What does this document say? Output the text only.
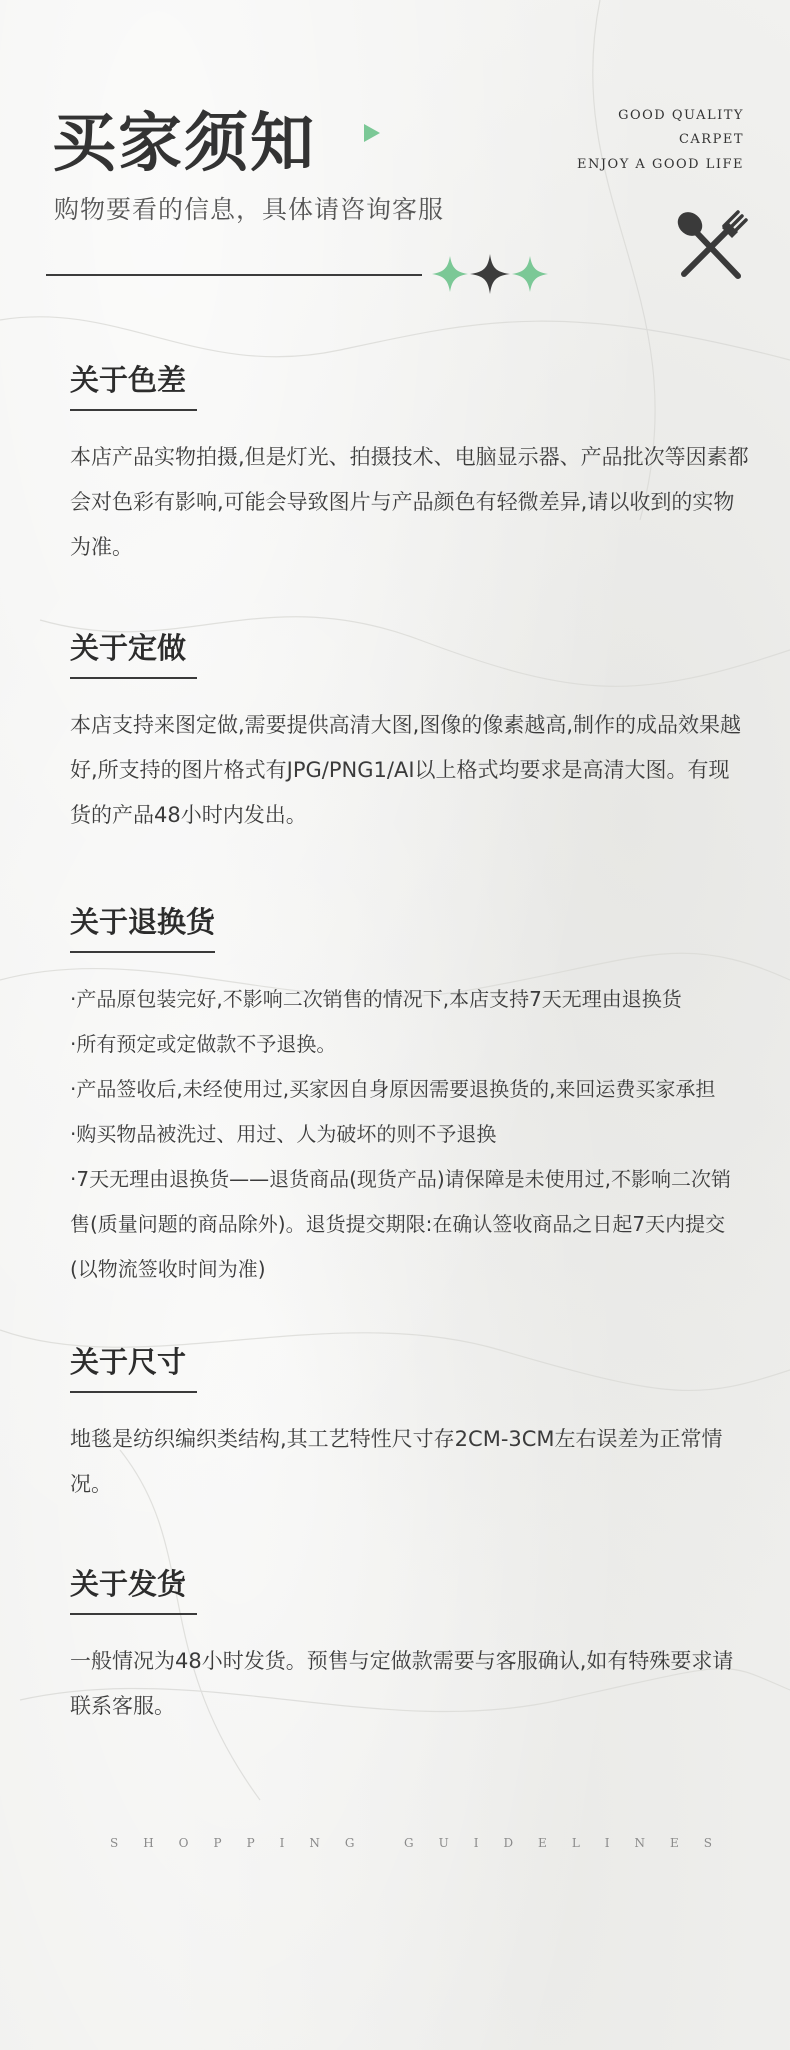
买家须知
购物要看的信息，具体请咨询客服
GOOD QUALITY
CARPET
ENJOY A GOOD LIFE
关于色差
本店产品实物拍摄,但是灯光、拍摄技术、电脑显示器、产品批次等因素都会对色彩有影响,可能会导致图片与产品颜色有轻微差异,请以收到的实物为准。
关于定做
本店支持来图定做,需要提供高清大图,图像的像素越高,制作的成品效果越好,所支持的图片格式有JPG/PNG1/AI以上格式均要求是高清大图。有现货的产品48小时内发出。
关于退换货
·产品原包装完好,不影响二次销售的情况下,本店支持7天无理由退换货
·所有预定或定做款不予退换。
·产品签收后,未经使用过,买家因自身原因需要退换货的,来回运费买家承担
·购买物品被洗过、用过、人为破坏的则不予退换
·7天无理由退换货——退货商品(现货产品)请保障是未使用过,不影响二次销售(质量问题的商品除外)。退货提交期限:在确认签收商品之日起7天内提交(以物流签收时间为准)
关于尺寸
地毯是纺织编织类结构,其工艺特性尺寸存2CM-3CM左右误差为正常情况。
关于发货
一般情况为48小时发货。预售与定做款需要与客服确认,如有特殊要求请联系客服。
SHOPPING GUIDELINES
